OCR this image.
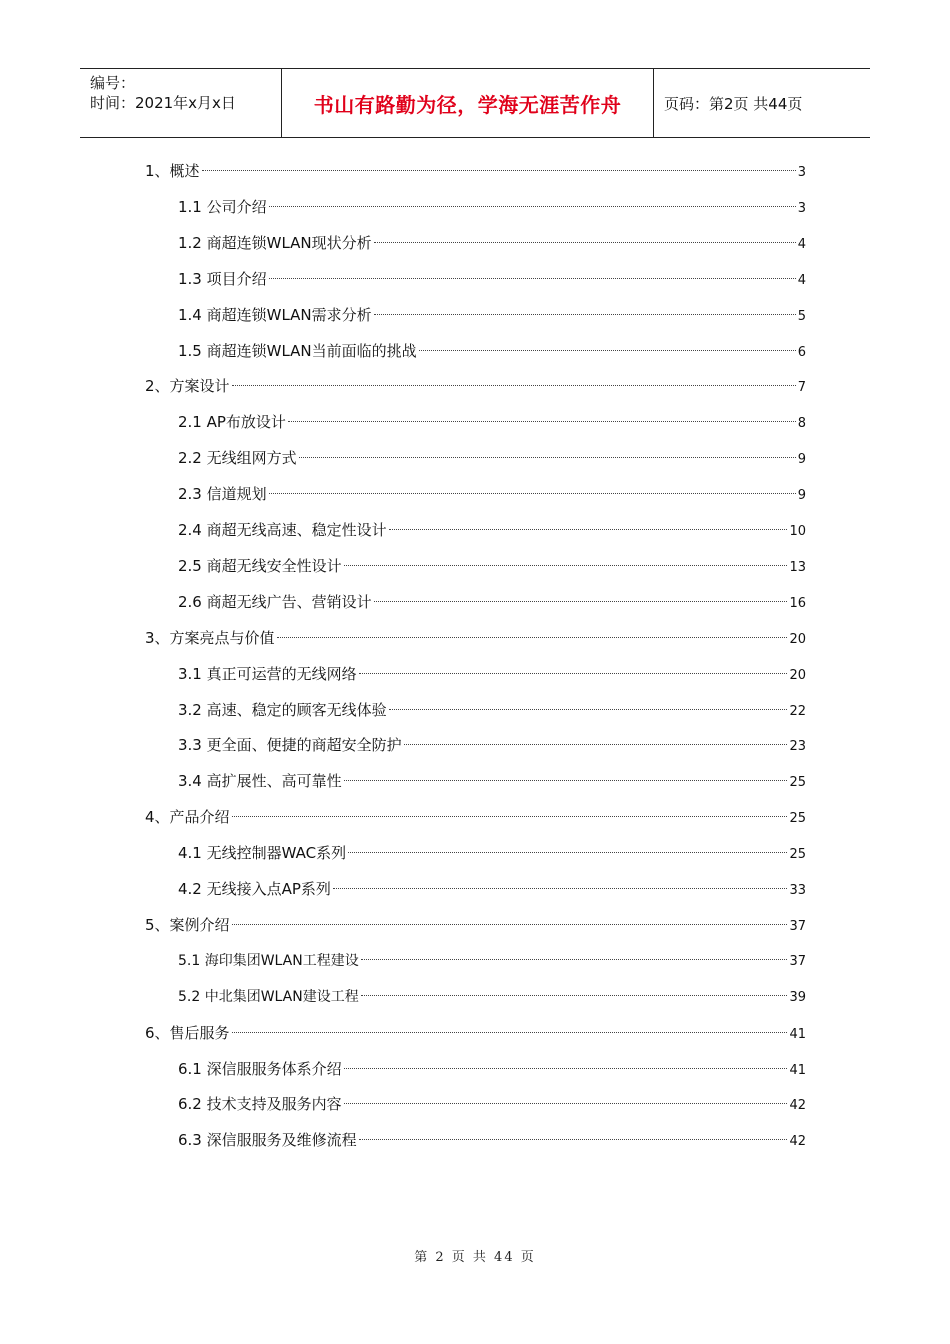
编号：
时间：2021年x月x日	书山有路勤为径，学海无涯苦作舟	页码：第2页 共44页
1、概述	3
1.1 公司介绍	3
1.2 商超连锁WLAN现状分析	4
1.3 项目介绍	4
1.4 商超连锁WLAN需求分析	5
1.5 商超连锁WLAN当前面临的挑战	6
2、方案设计	7
2.1 AP布放设计	8
2.2 无线组网方式	9
2.3 信道规划	9
2.4 商超无线高速、稳定性设计	10
2.5 商超无线安全性设计	13
2.6 商超无线广告、营销设计	16
3、方案亮点与价值	20
3.1 真正可运营的无线网络	20
3.2 高速、稳定的顾客无线体验	22
3.3 更全面、便捷的商超安全防护	23
3.4 高扩展性、高可靠性	25
4、产品介绍	25
4.1 无线控制器WAC系列	25
4.2 无线接入点AP系列	33
5、案例介绍	37
5.1 海印集团WLAN工程建设	37
5.2 中北集团WLAN建设工程	39
6、售后服务	41
6.1 深信服服务体系介绍	41
6.2 技术支持及服务内容	42
6.3 深信服服务及维修流程	42
第 2 页 共 44 页
